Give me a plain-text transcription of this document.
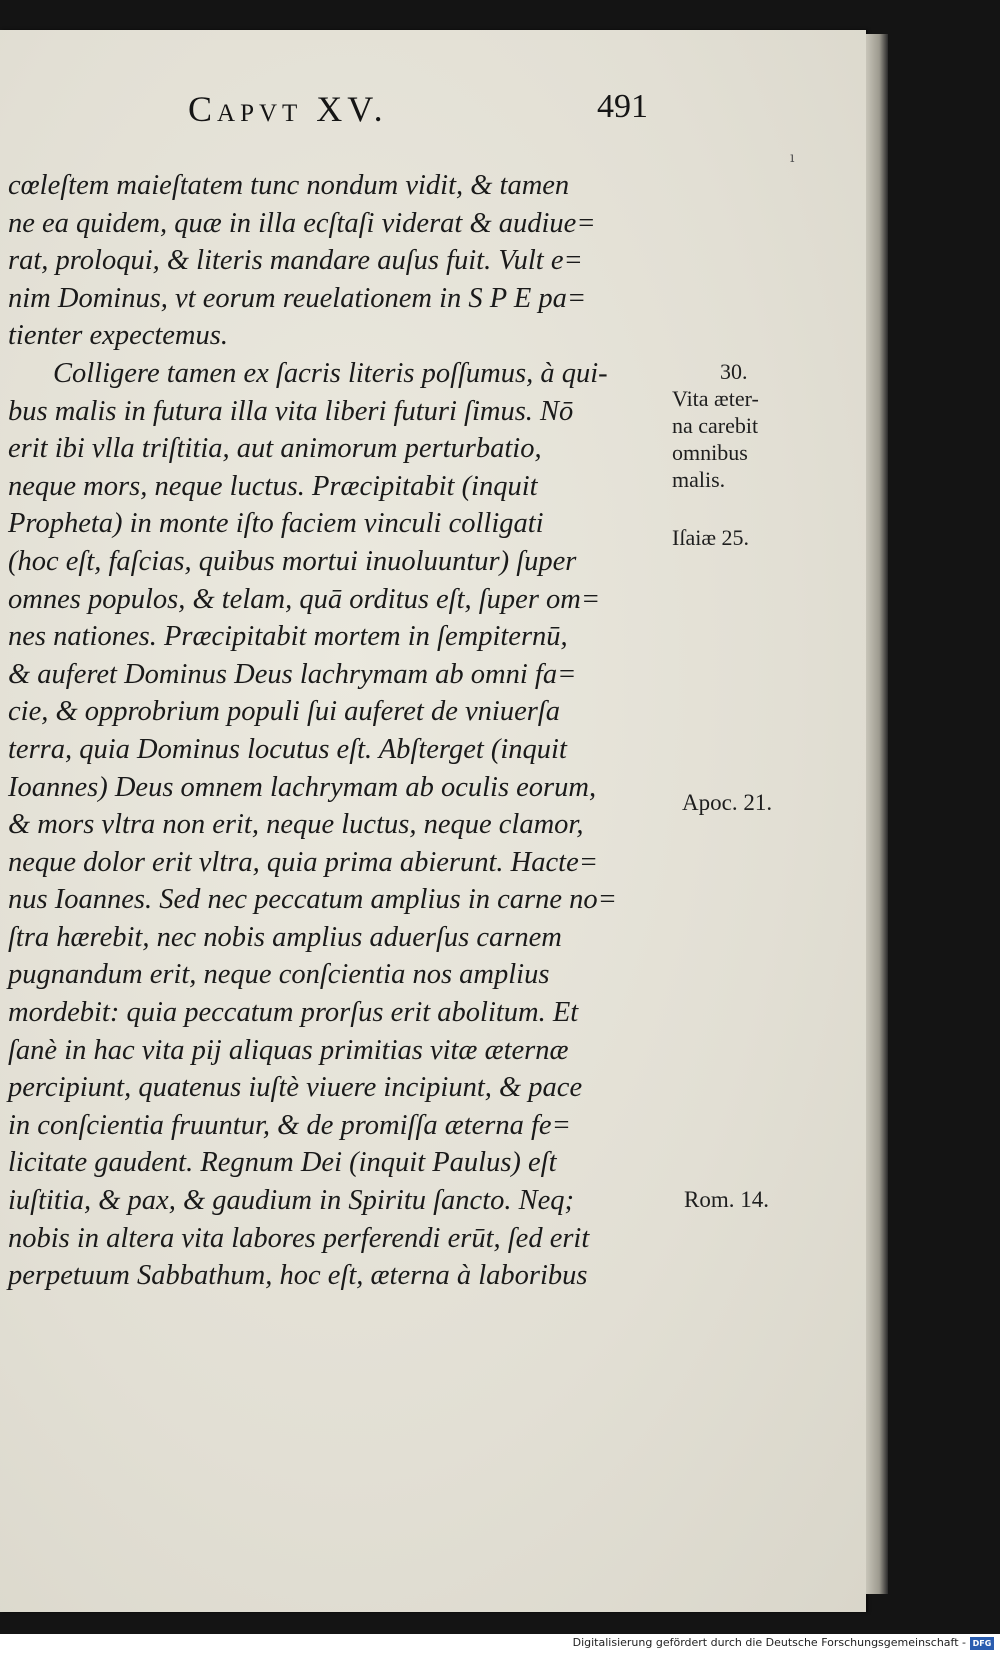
Capvt XV.	491
ı
cœleſtem maieſtatem tunc nondum vidit, & tamen
ne ea quidem, quæ in illa ecſtaſi viderat & audiue=
rat, proloqui, & literis mandare auſus fuit. Vult e=
nim Dominus, vt eorum reuelationem in S P E pa=
tienter expectemus.
Colligere tamen ex ſacris literis poſſumus, à qui-
bus malis in futura illa vita liberi futuri ſimus. Nō
erit ibi vlla triſtitia, aut animorum perturbatio,
neque mors, neque luctus. Præcipitabit (inquit
Propheta) in monte iſto faciem vinculi colligati
(hoc eſt, faſcias, quibus mortui inuoluuntur) ſuper
omnes populos, & telam, quā orditus eſt, ſuper om=
nes nationes. Præcipitabit mortem in ſempiternū,
& auferet Dominus Deus lachrymam ab omni fa=
cie, & opprobrium populi ſui auferet de vniuerſa
terra, quia Dominus locutus eſt. Abſterget (inquit
Ioannes) Deus omnem lachrymam ab oculis eorum,
& mors vltra non erit, neque luctus, neque clamor,
neque dolor erit vltra, quia prima abierunt. Hacte=
nus Ioannes. Sed nec peccatum amplius in carne no=
ſtra hærebit, nec nobis amplius aduerſus carnem
pugnandum erit, neque conſcientia nos amplius
mordebit: quia peccatum prorſus erit abolitum. Et
ſanè in hac vita pij aliquas primitias vitæ æternæ
percipiunt, quatenus iuſtè viuere incipiunt, & pace
in conſcientia fruuntur, & de promiſſa æterna fe=
licitate gaudent. Regnum Dei (inquit Paulus) eſt
iuſtitia, & pax, & gaudium in Spiritu ſancto. Neq;
nobis in altera vita labores perferendi erūt, ſed erit
perpetuum Sabbathum, hoc eſt, æterna à laboribus
30.
Vita æter-
na carebit
omnibus
malis.
Iſaiæ 25.
Apoc. 21.
Rom. 14.
Digitalisierung gefördert durch die Deutsche Forschungsgemeinschaft - DFG
